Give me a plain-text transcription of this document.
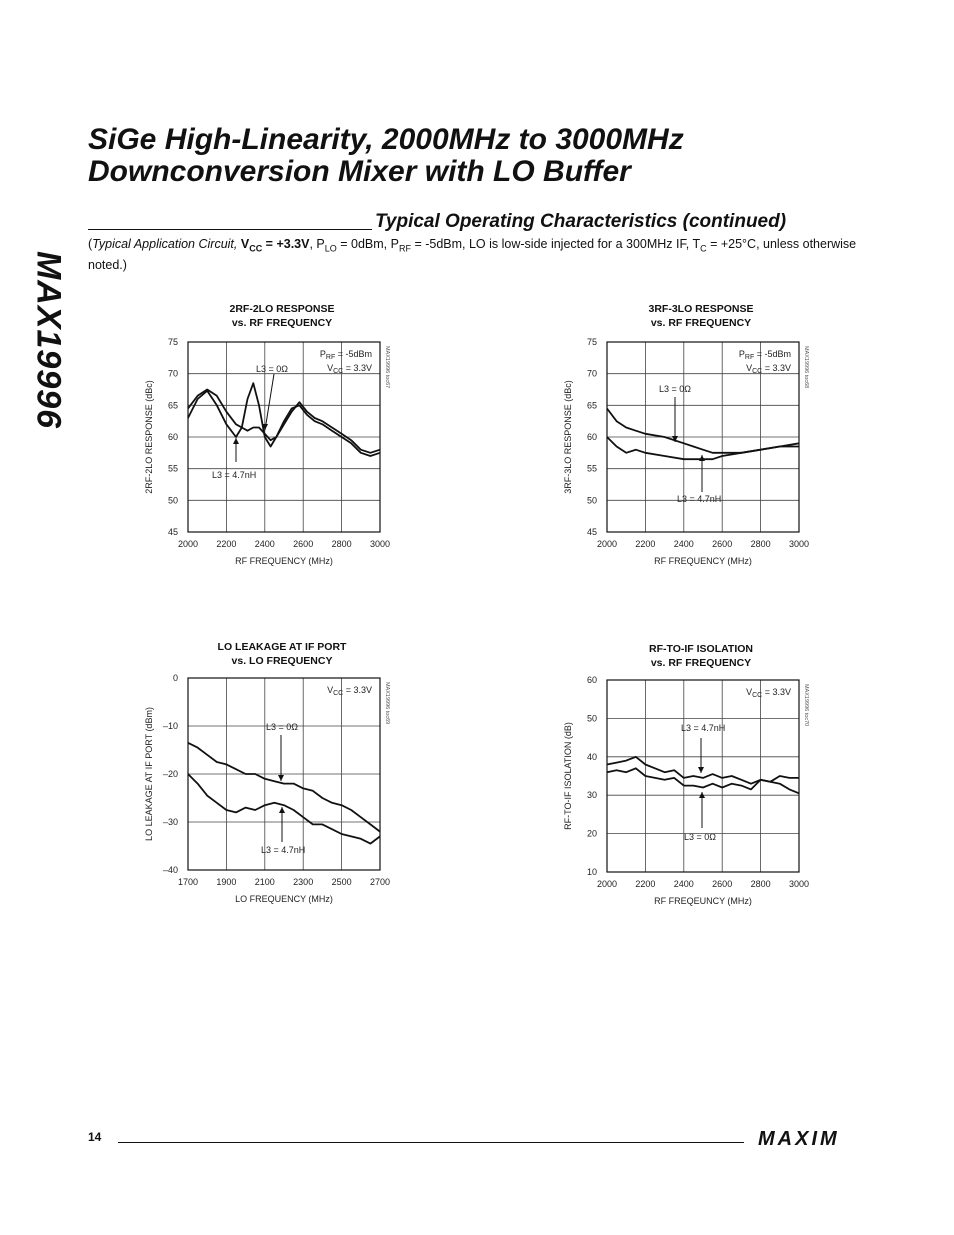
MAX19996
SiGe High-Linearity, 2000MHz to 3000MHz
Downconversion Mixer with LO Buffer
Typical Operating Characteristics (continued)
(Typical Application Circuit, $V_{CC} = +3.3V$, $P_{LO} = 0dBm$, $P_{RF} = -5dBm$, LO is low-side injected for a 300MHz IF, $T_C = +25^\circ C$, unless otherwise noted.)
2RF-2LO RESPONSE
vs. RF FREQUENCY
2000 2200 2400 2600 2800 3000
45
50
55
60
65
70
75
RF FREQUENCY (MHz)
2RF-2LO RESPONSE (dBc)
$P_{RF} = -5dBm$
$V_{CC} = 3.3V$ MAX19996 toc67
L3 = 0Ω
L3 = 4.7nH
3RF-3LO RESPONSE
vs. RF FREQUENCY
2000 2200 2400 2600 2800 3000
45
50
55
60
65
70
75
RF FREQUENCY (MHz)
3RF-3LO RESPONSE (dBc)
$P_{RF} = -5dBm$
$V_{CC} = 3.3V$ MAX19996 toc68
L3 = 0Ω
L3 = 4.7nH
LO LEAKAGE AT IF PORT
vs. LO FREQUENCY
1700 1900 2100 2300 2500 2700
–40
–30
–20
–10
0
LO FREQUENCY (MHz)
LO LEAKAGE AT IF PORT (dBm)
$V_{CC} = 3.3V$ MAX19996 toc69
L3 = 0Ω
L3 = 4.7nH
RF-TO-IF ISOLATION
vs. RF FREQUENCY
2000 2200 2400 2600 2800 3000
10
20
30
40
50
60
RF FREQEUNCY (MHz)
RF-TO-IF ISOLATION (dB)
$V_{CC} = 3.3V$ MAX19996 toc70
L3 = 4.7nH
L3 = 0Ω
14	MAXIM
